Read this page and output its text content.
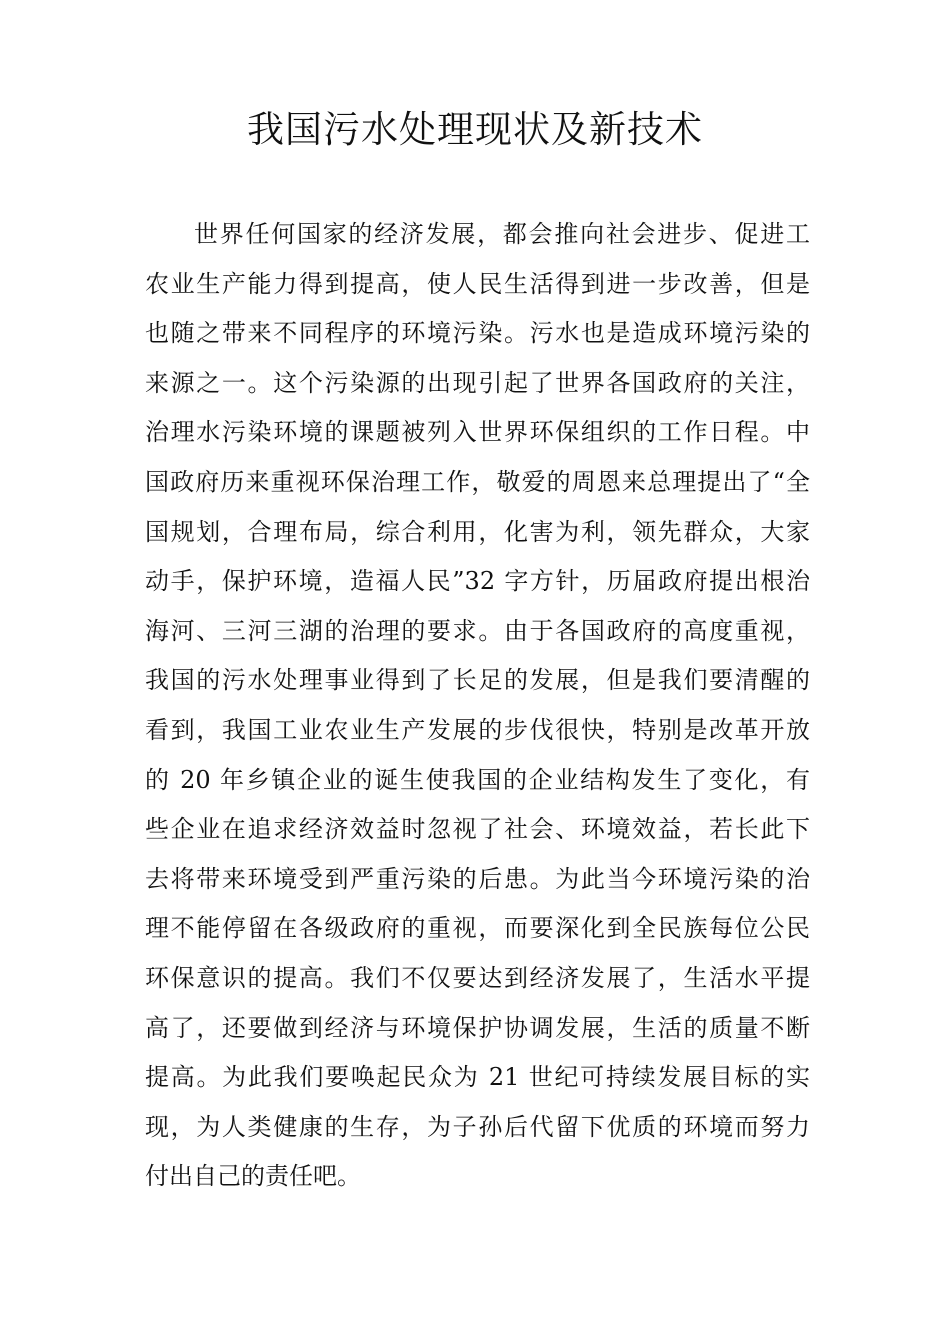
我国污水处理现状及新技术
世界任何国家的经济发展，都会推向社会进步、促进工
农业生产能力得到提高，使人民生活得到进一步改善，但是
也随之带来不同程序的环境污染。污水也是造成环境污染的
来源之一。这个污染源的出现引起了世界各国政府的关注，
治理水污染环境的课题被列入世界环保组织的工作日程。中
国政府历来重视环保治理工作，敬爱的周恩来总理提出了“全
国规划，合理布局，综合利用，化害为利，领先群众，大家
动手，保护环境，造福人民”32 字方针，历届政府提出根治
海河、三河三湖的治理的要求。由于各国政府的高度重视，
我国的污水处理事业得到了长足的发展，但是我们要清醒的
看到，我国工业农业生产发展的步伐很快，特别是改革开放
的 20 年乡镇企业的诞生使我国的企业结构发生了变化，有
些企业在追求经济效益时忽视了社会、环境效益，若长此下
去将带来环境受到严重污染的后患。为此当今环境污染的治
理不能停留在各级政府的重视，而要深化到全民族每位公民
环保意识的提高。我们不仅要达到经济发展了，生活水平提
高了，还要做到经济与环境保护协调发展，生活的质量不断
提高。为此我们要唤起民众为 21 世纪可持续发展目标的实
现，为人类健康的生存，为子孙后代留下优质的环境而努力
付出自己的责任吧。
